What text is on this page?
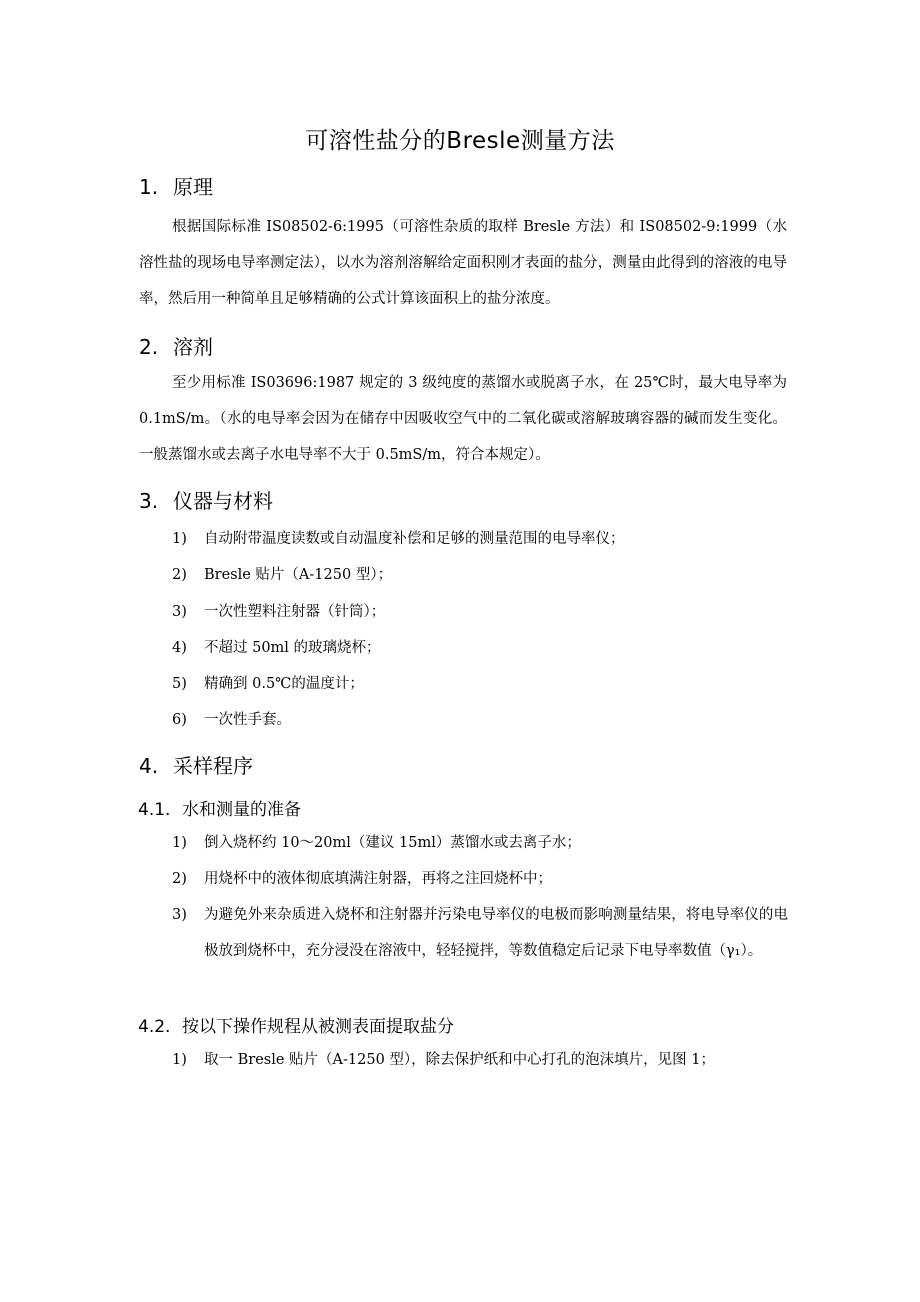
可溶性盐分的Bresle测量方法
1. 原理
根据国际标准 IS08502-6:1995（可溶性杂质的取样 Bresle 方法）和 IS08502-9:1999（水溶性盐的现场电导率测定法），以水为溶剂溶解给定面积刚才表面的盐分，测量由此得到的溶液的电导率，然后用一种简单且足够精确的公式计算该面积上的盐分浓度。
2. 溶剂
至少用标准 IS03696:1987 规定的 3 级纯度的蒸馏水或脱离子水，在 25℃时，最大电导率为 0.1mS/m。（水的电导率会因为在储存中因吸收空气中的二氧化碳或溶解玻璃容器的碱而发生变化。一般蒸馏水或去离子水电导率不大于 0.5mS/m，符合本规定）。
3. 仪器与材料
1) 自动附带温度读数或自动温度补偿和足够的测量范围的电导率仪；
2) Bresle 贴片（A-1250 型）；
3) 一次性塑料注射器（针筒）；
4) 不超过 50ml 的玻璃烧杯；
5) 精确到 0.5℃的温度计；
6) 一次性手套。
4. 采样程序
4.1. 水和测量的准备
1) 倒入烧杯约 10～20ml（建议 15ml）蒸馏水或去离子水；
2) 用烧杯中的液体彻底填满注射器，再将之注回烧杯中；
3) 为避免外来杂质进入烧杯和注射器并污染电导率仪的电极而影响测量结果，将电导率仪的电极放到烧杯中，充分浸没在溶液中，轻轻搅拌，等数值稳定后记录下电导率数值（γ₁）。
4.2. 按以下操作规程从被测表面提取盐分
1) 取一 Bresle 贴片（A-1250 型），除去保护纸和中心打孔的泡沫填片，见图 1；
